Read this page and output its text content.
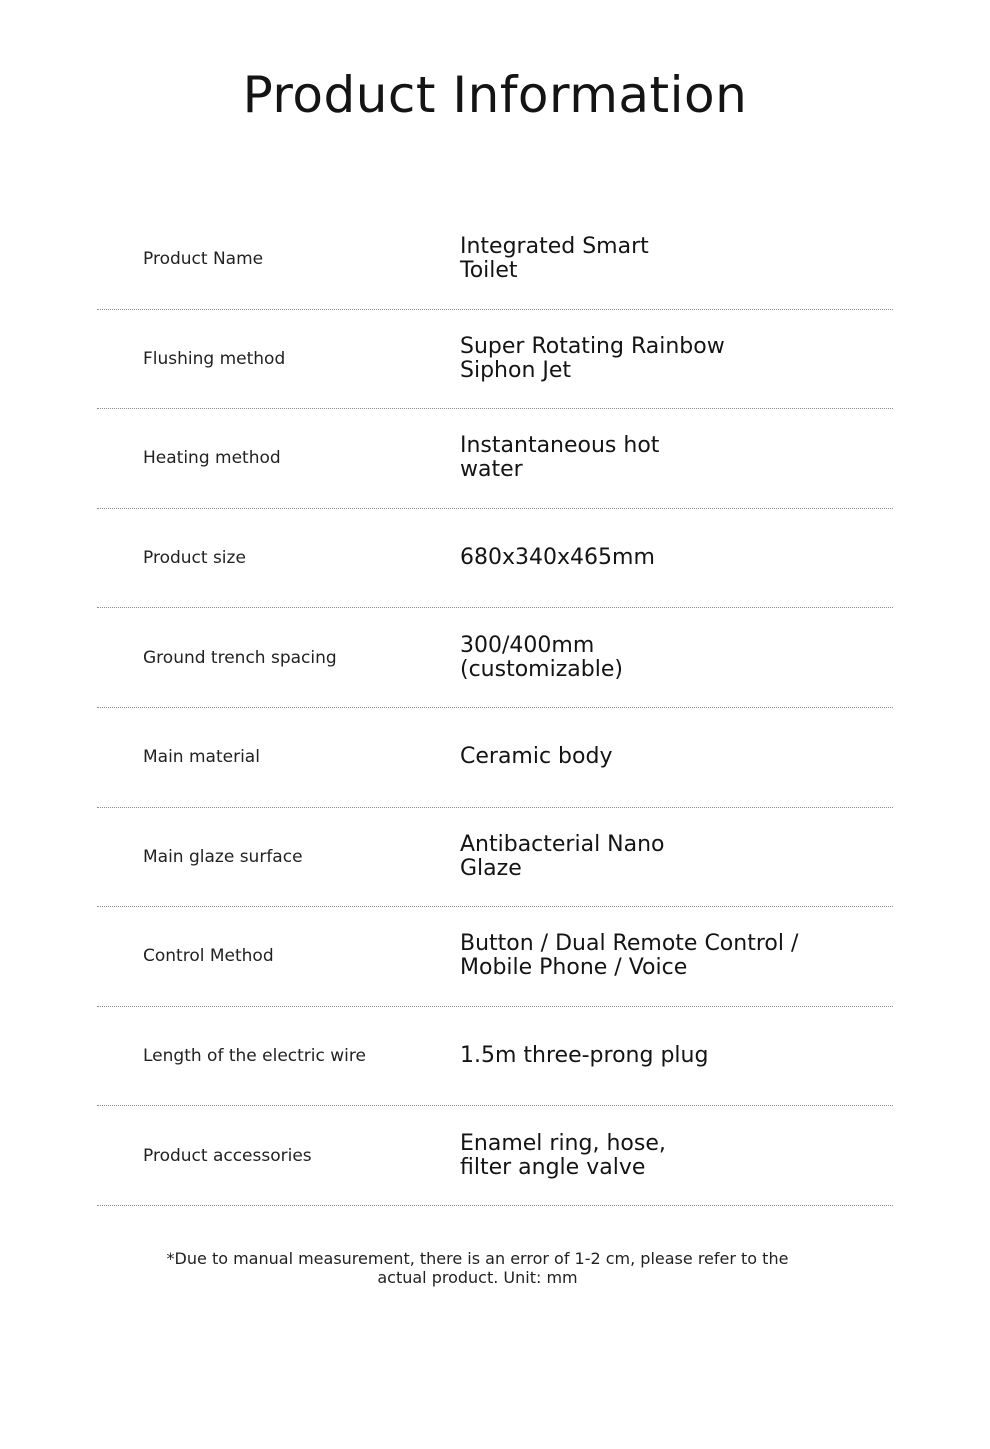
Product Information
Product Name	Integrated Smart
Toilet
Flushing method	Super Rotating Rainbow
Siphon Jet
Heating method	Instantaneous hot
water
Product size	680x340x465mm
Ground trench spacing	300/400mm
(customizable)
Main material	Ceramic body
Main glaze surface	Antibacterial Nano
Glaze
Control Method	Button / Dual Remote Control /
Mobile Phone / Voice
Length of the electric wire	1.5m three-prong plug
Product accessories	Enamel ring, hose,
filter angle valve
*Due to manual measurement, there is an error of 1-2 cm, please refer to the actual product. Unit: mm
